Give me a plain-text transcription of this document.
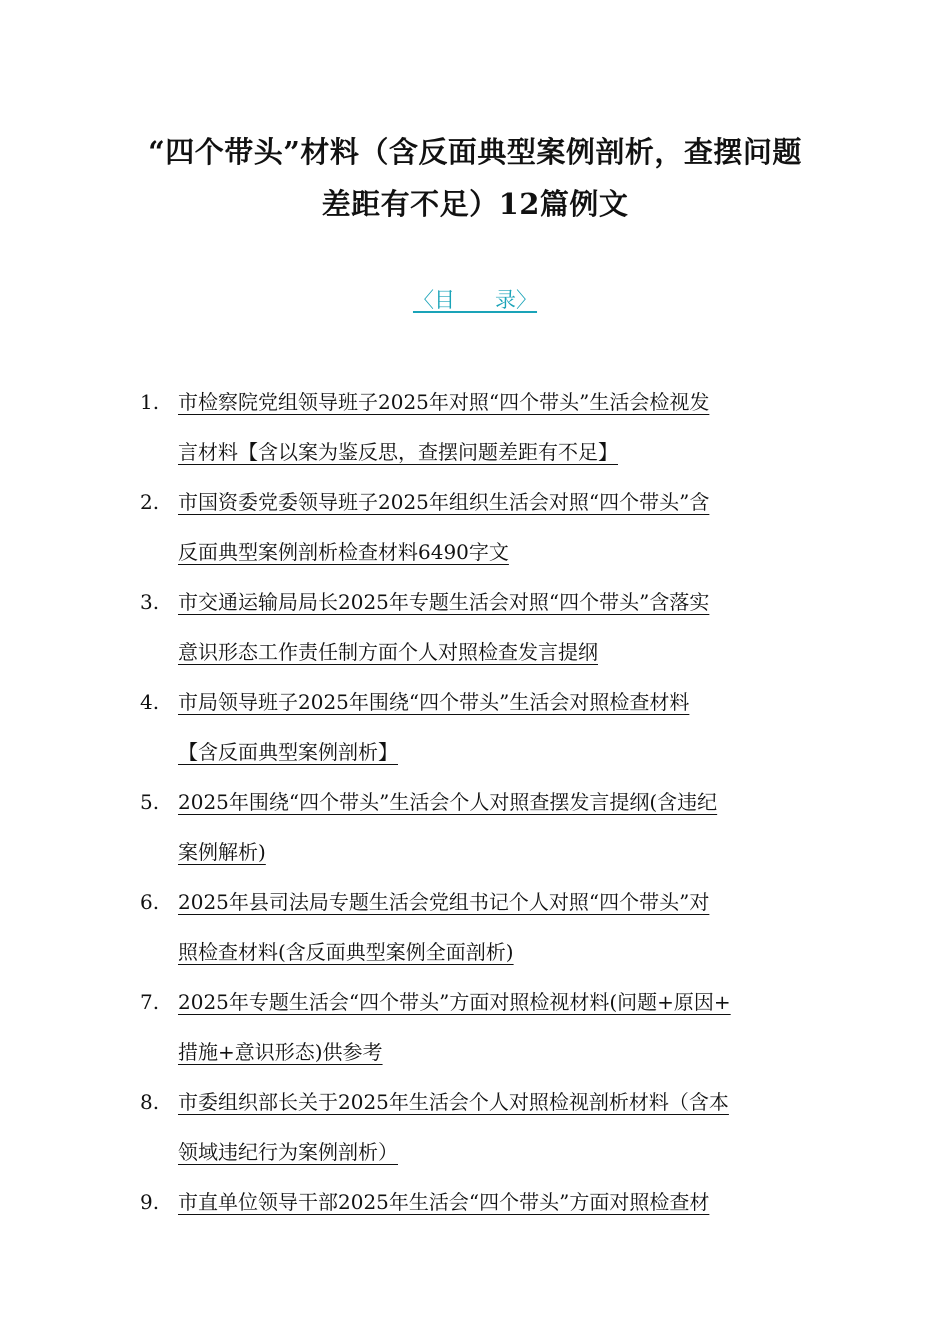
“四个带头”材料（含反面典型案例剖析，查摆问题
差距有不足）12篇例文
〈目      录〉
1. 市检察院党组领导班子2025年对照“四个带头”生活会检视发
言材料【含以案为鉴反思，查摆问题差距有不足】
2. 市国资委党委领导班子2025年组织生活会对照“四个带头”含
反面典型案例剖析检查材料6490字文
3. 市交通运输局局长2025年专题生活会对照“四个带头”含落实
意识形态工作责任制方面个人对照检查发言提纲
4. 市局领导班子2025年围绕“四个带头”生活会对照检查材料
【含反面典型案例剖析】
5. 2025年围绕“四个带头”生活会个人对照查摆发言提纲(含违纪
案例解析)
6. 2025年县司法局专题生活会党组书记个人对照“四个带头”对
照检查材料(含反面典型案例全面剖析)
7. 2025年专题生活会“四个带头”方面对照检视材料(问题+原因+
措施+意识形态)供参考
8. 市委组织部长关于2025年生活会个人对照检视剖析材料（含本
领域违纪行为案例剖析）
9. 市直单位领导干部2025年生活会“四个带头”方面对照检查材
